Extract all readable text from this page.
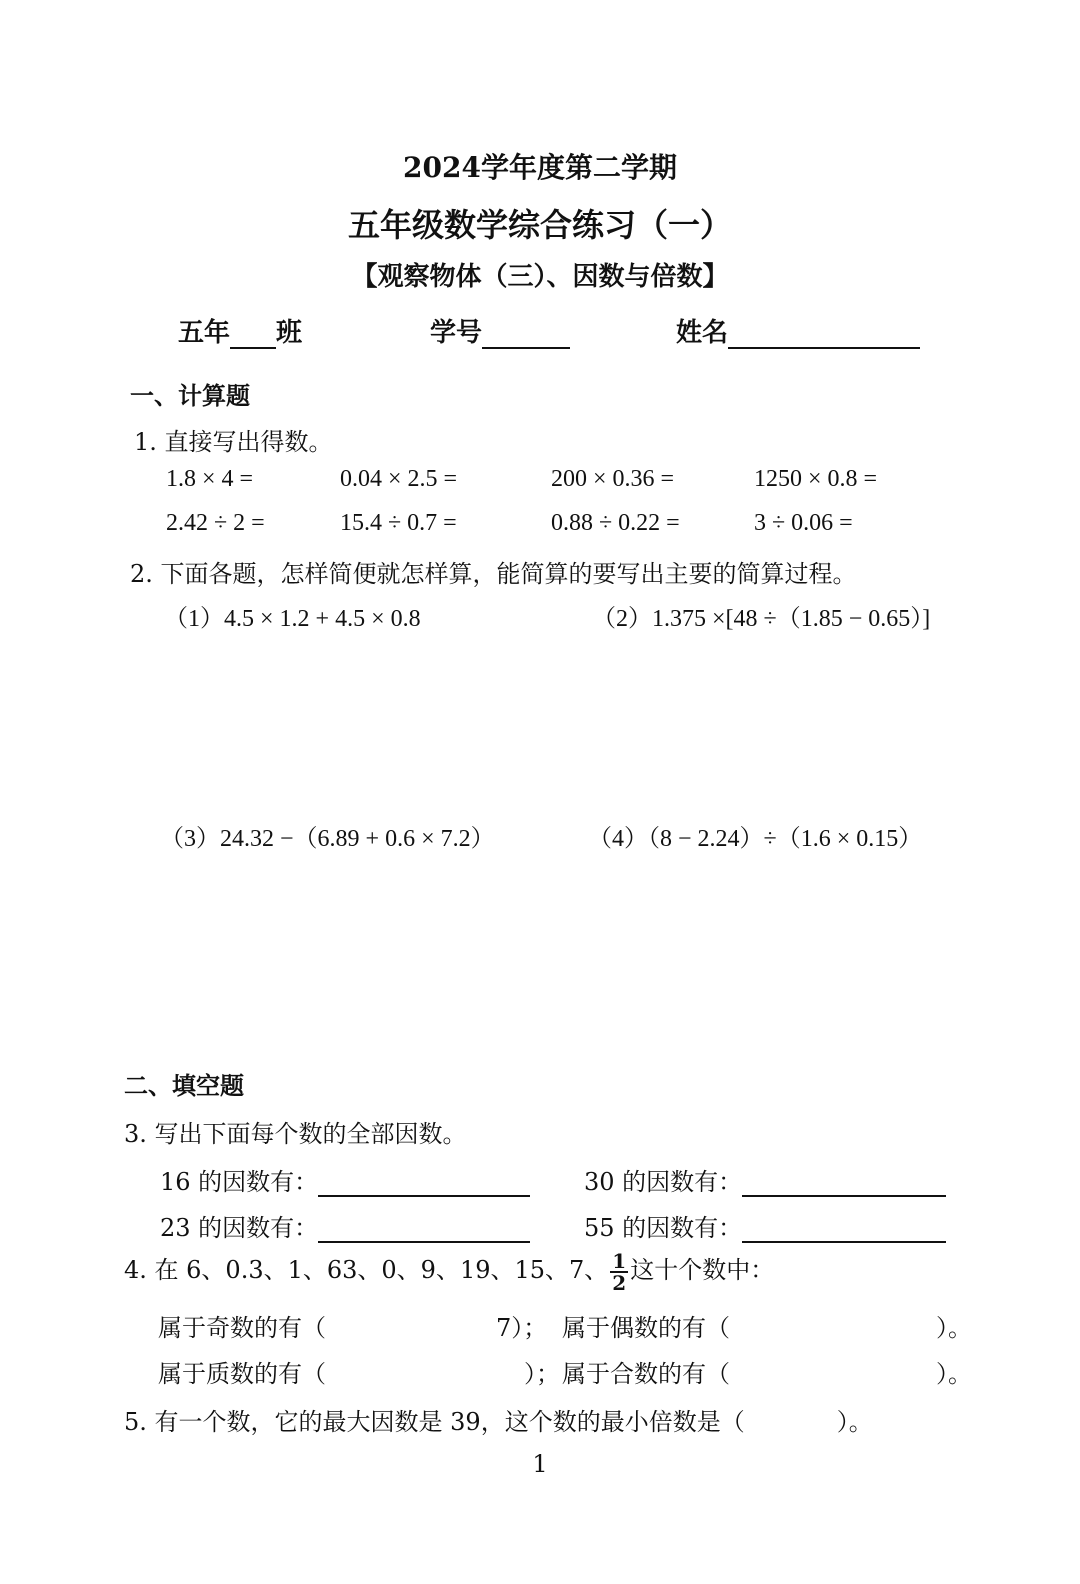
2024学年度第二学期
五年级数学综合练习（一）
【观察物体（三）、因数与倍数】
五年 班	学号	姓名
一、计算题
1. 直接写出得数。
1.8 × 4 =	0.04 × 2.5 =	200 × 0.36 =	1250 × 0.8 =
2.42 ÷ 2 =	15.4 ÷ 0.7 =	0.88 ÷ 0.22 =	3 ÷ 0.06 =
2. 下面各题，怎样简便就怎样算，能简算的要写出主要的简算过程。
（1）4.5 × 1.2 + 4.5 × 0.8	（2）1.375 ×[48 ÷（1.85 − 0.65）]
（3）24.32 −（6.89 + 0.6 × 7.2）	（4）（8 − 2.24）÷（1.6 × 0.15）
二、填空题
3. 写出下面每个数的全部因数。
16 的因数有：	30 的因数有：
23 的因数有：	55 的因数有：
4. 在 6、0.3、1、63、0、9、19、15、7、 $\frac{1}{2}$ 这十个数中：
属于奇数的有（	7）； 属于偶数的有（	）。
属于质数的有（	）； 属于合数的有（	）。
5. 有一个数，它的最大因数是 39，这个数的最小倍数是（	）。
1
